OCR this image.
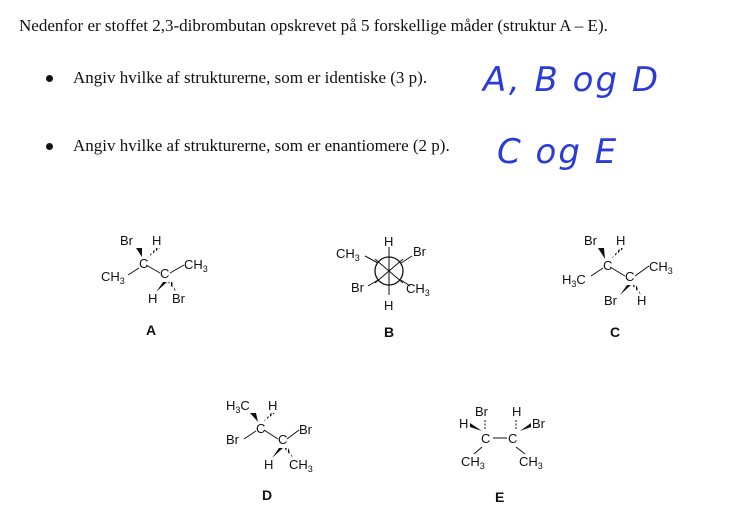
Nedenfor er stoffet 2,3-dibrombutan opskrevet på 5 forskellige måder (struktur A – E).
Angiv hvilke af strukturerne, som er identiske (3 p). A, B og D
Angiv hvilke af strukturerne, som er enantiomere (2 p). C og E
Br H
$CH_3$
C
C
$CH_3$
H Br
A
H
$CH_3$	Br
Br	$CH_3$
H
B
Br H
$H_3C$
C
C
$CH_3$
Br H
C
$H_3C$ H
Br
C
C
Br
H $CH_3$
D
Br H
H	Br
C C
$CH_3$	$CH_3$
E
